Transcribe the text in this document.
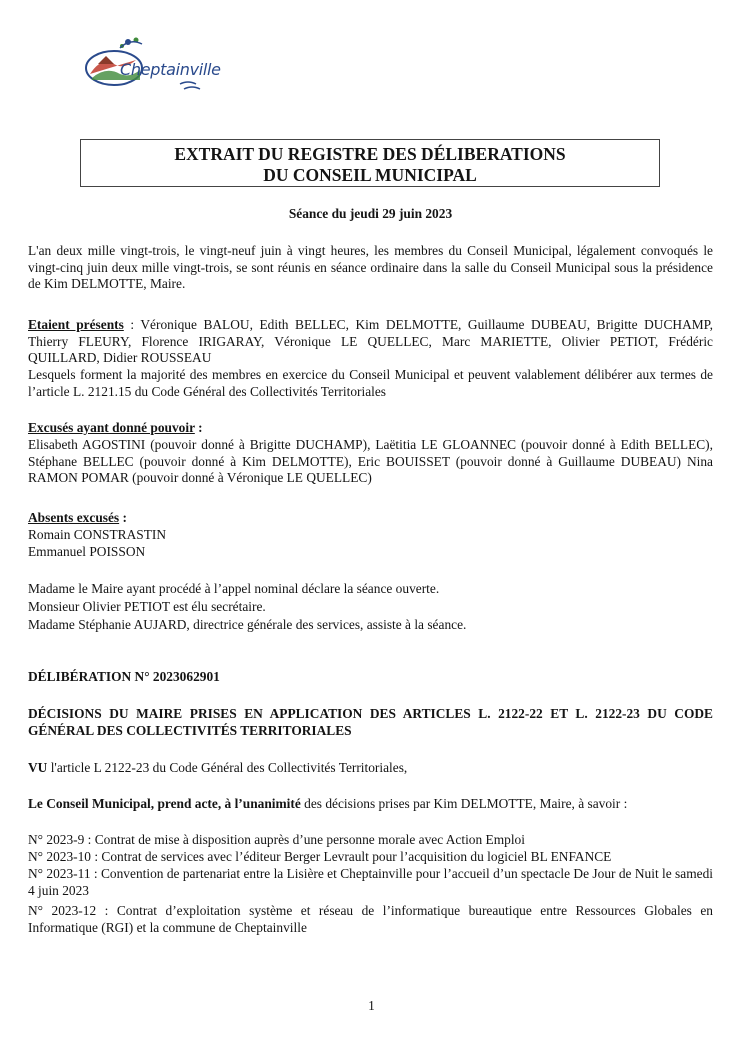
Cheptainville
EXTRAIT DU REGISTRE DES DÉLIBERATIONS
DU CONSEIL MUNICIPAL

Séance du jeudi 29 juin 2023

L'an deux mille vingt-trois, le vingt-neuf juin à vingt heures, les membres du Conseil Municipal, légalement convoqués le vingt-cinq juin deux mille vingt-trois, se sont réunis en séance ordinaire dans la salle du Conseil Municipal sous la présidence de Kim DELMOTTE, Maire.

Etaient présents : Véronique BALOU, Edith BELLEC, Kim DELMOTTE, Guillaume DUBEAU, Brigitte DUCHAMP, Thierry FLEURY, Florence IRIGARAY, Véronique LE QUELLEC, Marc MARIETTE, Olivier PETIOT, Frédéric QUILLARD, Didier ROUSSEAU

Lesquels forment la majorité des membres en exercice du Conseil Municipal et peuvent valablement délibérer aux termes de l’article L. 2121.15 du Code Général des Collectivités Territoriales

Excusés ayant donné pouvoir :

Elisabeth AGOSTINI (pouvoir donné à Brigitte DUCHAMP), Laëtitia LE GLOANNEC (pouvoir donné à Edith BELLEC), Stéphane BELLEC (pouvoir donné à Kim DELMOTTE), Eric BOUISSET (pouvoir donné à Guillaume DUBEAU) Nina RAMON POMAR (pouvoir donné à Véronique LE QUELLEC)

Absents excusés :

Romain CONSTRASTIN

Emmanuel POISSON

Madame le Maire ayant procédé à l’appel nominal déclare la séance ouverte.

Monsieur Olivier PETIOT est élu secrétaire.

Madame Stéphanie AUJARD, directrice générale des services, assiste à la séance.

DÉLIBÉRATION N° 2023062901

DÉCISIONS DU MAIRE PRISES EN APPLICATION DES ARTICLES L. 2122-22 ET L. 2122-23 DU CODE GÉNÉRAL DES COLLECTIVITÉS TERRITORIALES

VU l'article L 2122-23 du Code Général des Collectivités Territoriales,

Le Conseil Municipal, prend acte, à l’unanimité des décisions prises par Kim DELMOTTE, Maire, à savoir :

N° 2023-9 : Contrat de mise à disposition auprès d’une personne morale avec Action Emploi

N° 2023-10 : Contrat de services avec l’éditeur Berger Levrault pour l’acquisition du logiciel BL ENFANCE

N° 2023-11 : Convention de partenariat entre la Lisière et Cheptainville pour l’accueil d’un spectacle De Jour de Nuit le samedi 4 juin 2023

N° 2023-12 : Contrat d’exploitation système et réseau de l’informatique bureautique entre Ressources Globales en Informatique (RGI) et la commune de Cheptainville

1
